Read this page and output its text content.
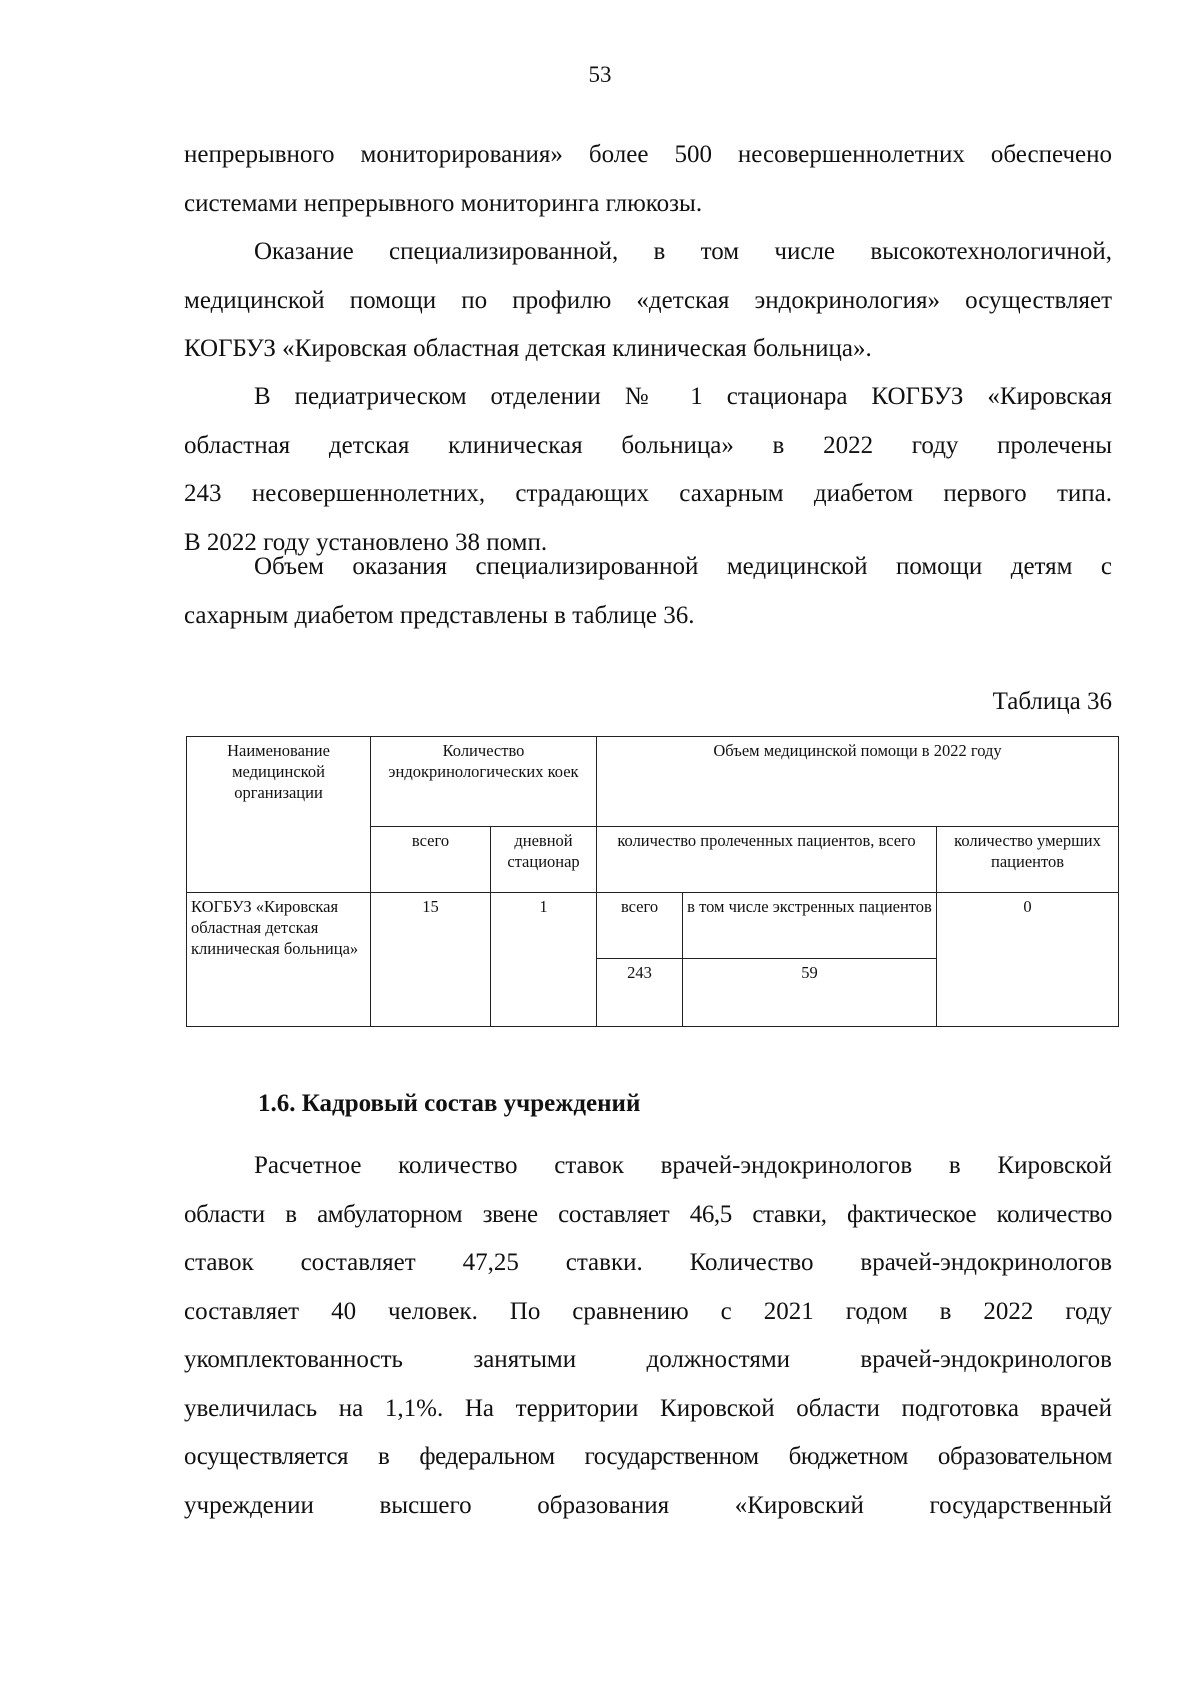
53
непрерывного мониторирования» более 500 несовершеннолетних обеспечено
системами непрерывного мониторинга глюкозы.
Оказание специализированной, в том числе высокотехнологичной,
медицинской помощи по профилю «детская эндокринология» осуществляет
КОГБУЗ «Кировская областная детская клиническая больница».
В педиатрическом отделении № 1 стационара КОГБУЗ «Кировская
областная детская клиническая больница» в 2022 году пролечены
243 несовершеннолетних, страдающих сахарным диабетом первого типа.
В 2022 году установлено 38 помп.
Объем оказания специализированной медицинской помощи детям с
сахарным диабетом представлены в таблице 36.
Таблица 36
Наименование медицинской организации	Количество эндокринологических коек		Объем медицинской помощи в 2022 году		
	всего	дневной стационар	количество пролеченных пациентов, всего		количество умерших пациентов
КОГБУЗ «Кировская областная детская клиническая больница»	15	1	всего	в том числе экстренных пациентов	0
			243	59	
1.6. Кадровый состав учреждений
Расчетное количество ставок врачей-эндокринологов в Кировской
области в амбулаторном звене составляет 46,5 ставки, фактическое количество
ставок составляет 47,25 ставки. Количество врачей-эндокринологов
составляет 40 человек. По сравнению с 2021 годом в 2022 году
укомплектованность занятыми должностями врачей-эндокринологов
увеличилась на 1,1%. На территории Кировской области подготовка врачей
осуществляется в федеральном государственном бюджетном образовательном
учреждении высшего образования «Кировский государственный
